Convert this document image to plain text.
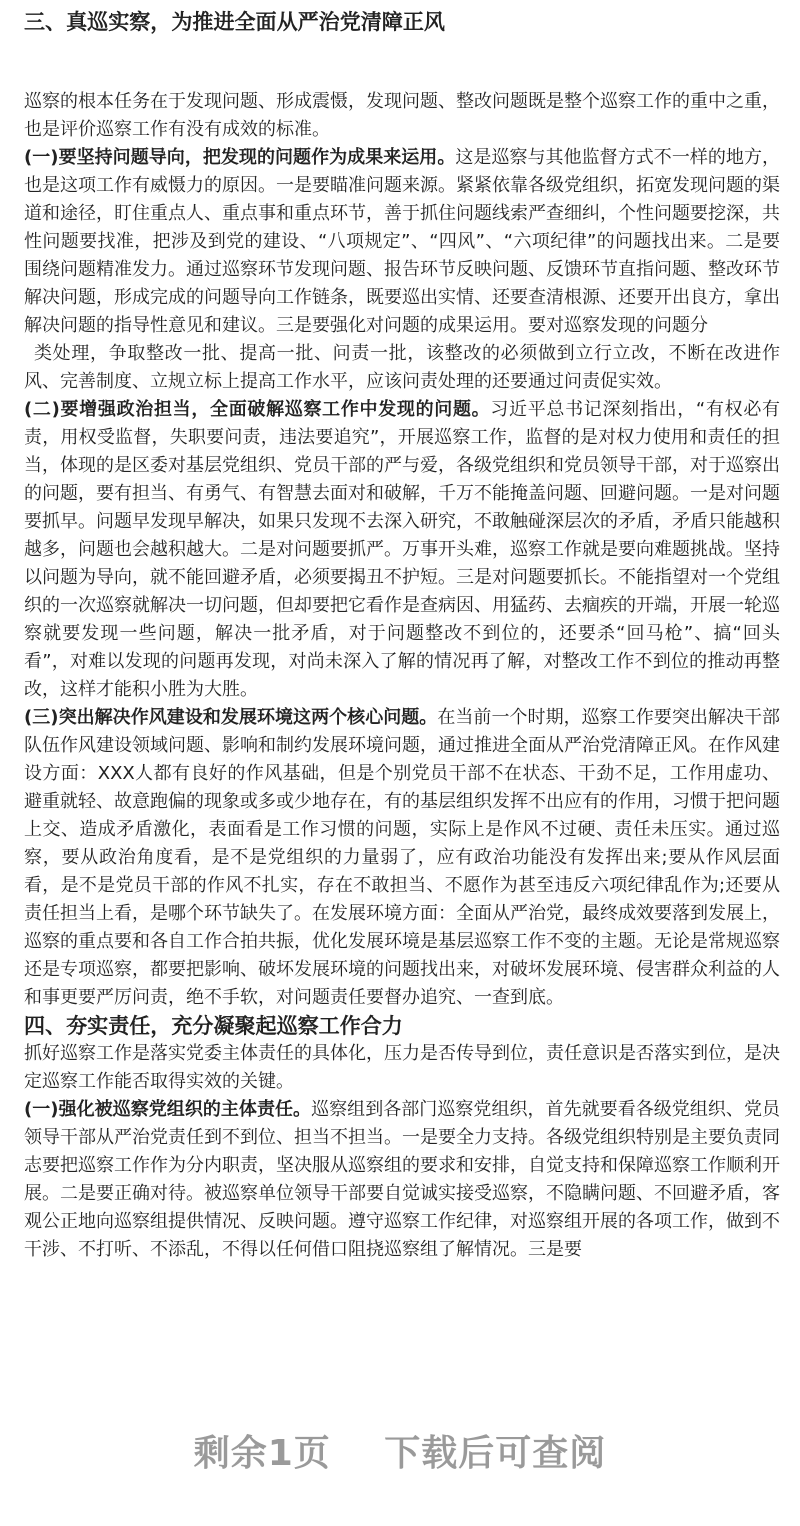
三、真巡实察，为推进全面从严治党清障正风

巡察的根本任务在于发现问题、形成震慑，发现问题、整改问题既是整个巡察工作的重中之重，也是评价巡察工作有没有成效的标准。

(一)要坚持问题导向，把发现的问题作为成果来运用。这是巡察与其他监督方式不一样的地方，也是这项工作有威慑力的原因。一是要瞄准问题来源。紧紧依靠各级党组织，拓宽发现问题的渠道和途径，盯住重点人、重点事和重点环节，善于抓住问题线索严查细纠，个性问题要挖深，共性问题要找准，把涉及到党的建设、“八项规定”、“四风”、“六项纪律”的问题找出来。二是要围绕问题精准发力。通过巡察环节发现问题、报告环节反映问题、反馈环节直指问题、整改环节解决问题，形成完成的问题导向工作链条，既要巡出实情、还要查清根源、还要开出良方，拿出解决问题的指导性意见和建议。三是要强化对问题的成果运用。要对巡察发现的问题分

类处理，争取整改一批、提高一批、问责一批，该整改的必须做到立行立改，不断在改进作风、完善制度、立规立标上提高工作水平，应该问责处理的还要通过问责促实效。

(二)要增强政治担当，全面破解巡察工作中发现的问题。习近平总书记深刻指出，“有权必有责，用权受监督，失职要问责，违法要追究”，开展巡察工作，监督的是对权力使用和责任的担当，体现的是区委对基层党组织、党员干部的严与爱，各级党组织和党员领导干部，对于巡察出的问题，要有担当、有勇气、有智慧去面对和破解，千万不能掩盖问题、回避问题。一是对问题要抓早。问题早发现早解决，如果只发现不去深入研究，不敢触碰深层次的矛盾，矛盾只能越积越多，问题也会越积越大。二是对问题要抓严。万事开头难，巡察工作就是要向难题挑战。坚持以问题为导向，就不能回避矛盾，必须要揭丑不护短。三是对问题要抓长。不能指望对一个党组织的一次巡察就解决一切问题，但却要把它看作是查病因、用猛药、去痼疾的开端，开展一轮巡察就要发现一些问题，解决一批矛盾，对于问题整改不到位的，还要杀“回马枪”、搞“回头看”，对难以发现的问题再发现，对尚未深入了解的情况再了解，对整改工作不到位的推动再整改，这样才能积小胜为大胜。

(三)突出解决作风建设和发展环境这两个核心问题。在当前一个时期，巡察工作要突出解决干部队伍作风建设领域问题、影响和制约发展环境问题，通过推进全面从严治党清障正风。在作风建设方面：XXX人都有良好的作风基础，但是个别党员干部不在状态、干劲不足，工作用虚功、避重就轻、故意跑偏的现象或多或少地存在，有的基层组织发挥不出应有的作用，习惯于把问题上交、造成矛盾激化，表面看是工作习惯的问题，实际上是作风不过硬、责任未压实。通过巡察，要从政治角度看，是不是党组织的力量弱了，应有政治功能没有发挥出来;要从作风层面看，是不是党员干部的作风不扎实，存在不敢担当、不愿作为甚至违反六项纪律乱作为;还要从责任担当上看，是哪个环节缺失了。在发展环境方面：全面从严治党，最终成效要落到发展上，巡察的重点要和各自工作合拍共振，优化发展环境是基层巡察工作不变的主题。无论是常规巡察还是专项巡察，都要把影响、破坏发展环境的问题找出来，对破坏发展环境、侵害群众利益的人和事更要严厉问责，绝不手软，对问题责任要督办追究、一查到底。

四、夯实责任，充分凝聚起巡察工作合力

抓好巡察工作是落实党委主体责任的具体化，压力是否传导到位，责任意识是否落实到位，是决定巡察工作能否取得实效的关键。

(一)强化被巡察党组织的主体责任。巡察组到各部门巡察党组织，首先就要看各级党组织、党员领导干部从严治党责任到不到位、担当不担当。一是要全力支持。各级党组织特别是主要负责同志要把巡察工作作为分内职责，坚决服从巡察组的要求和安排，自觉支持和保障巡察工作顺利开展。二是要正确对待。被巡察单位领导干部要自觉诚实接受巡察，不隐瞒问题、不回避矛盾，客观公正地向巡察组提供情况、反映问题。遵守巡察工作纪律，对巡察组开展的各项工作，做到不干涉、不打听、不添乱，不得以任何借口阻挠巡察组了解情况。三是要

剩余1页 下载后可查阅
